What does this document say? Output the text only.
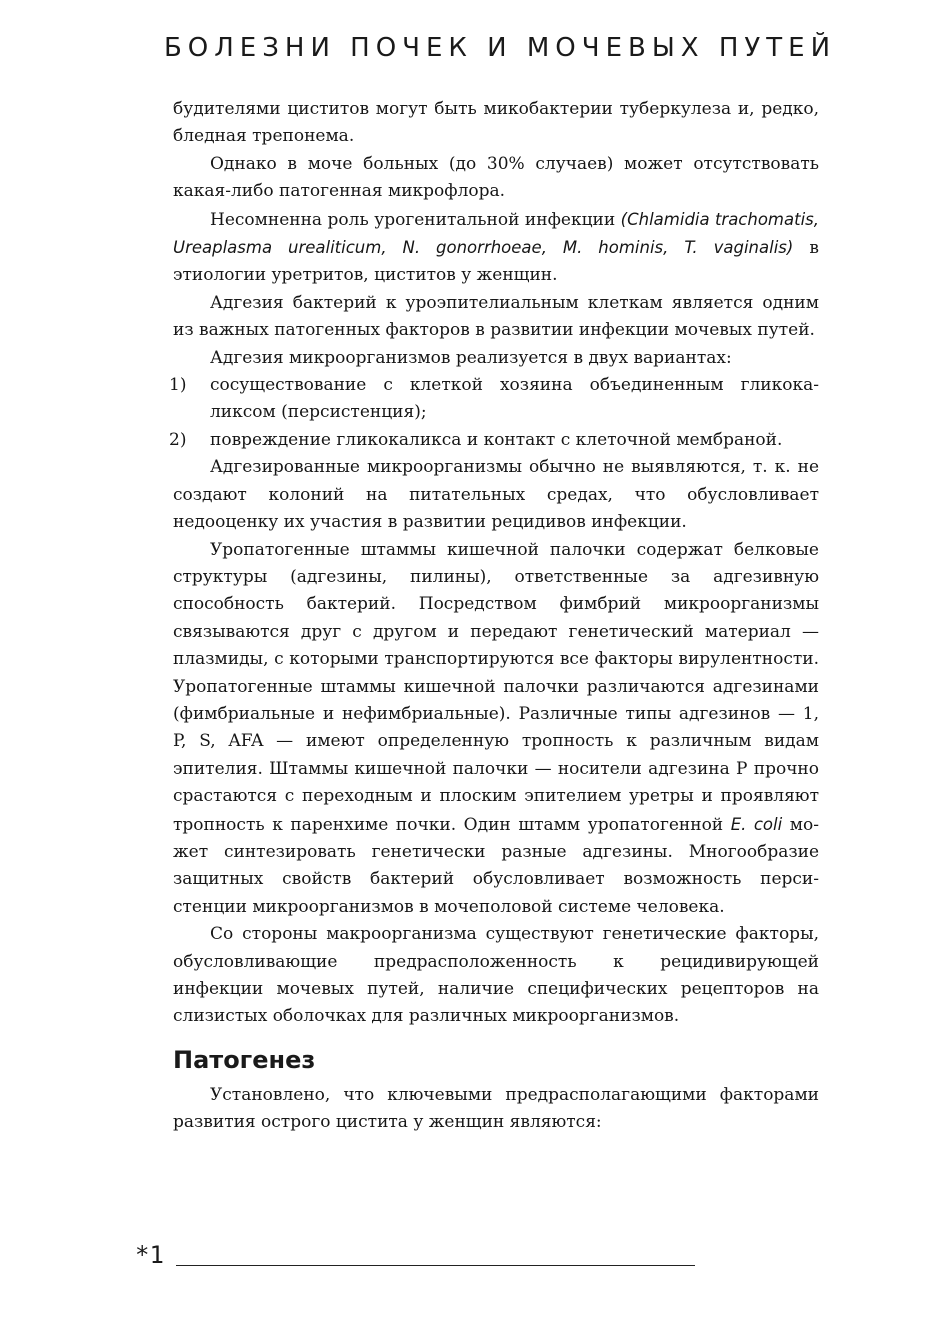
БОЛЕЗНИ ПОЧЕК И МОЧЕВЫХ ПУТЕЙ

будителями циститов могут быть микобактерии туберкулеза и, редко, бледная трепонема.

Однако в моче больных (до 30% случаев) может отсутствовать какая-либо патогенная микрофлора.

Несомненна роль урогенитальной инфекции (Chlamidia trachomatis, Ureaplasma urealiticum, N. gonorrhoeae, M. hominis, T. vaginalis) в этиологии уретритов, циститов у женщин.

Адгезия бактерий к уроэпителиальным клеткам является одним из важных патогенных факторов в развитии инфекции мочевых путей.

Адгезия микроорганизмов реализуется в двух вариантах:

1) сосуществование с клеткой хозяина объединенным гликокаликсом (персистенция);

2) повреждение гликокаликса и контакт с клеточной мембраной.

Адгезированные микроорганизмы обычно не выявляются, т. к. не создают колоний на питательных средах, что обусловливает недооценку их участия в развитии рецидивов инфекции.

Уропатогенные штаммы кишечной палочки содержат белковые структуры (адгезины, пилины), ответственные за адгезивную способность бактерий. Посредством фимбрий микроорганизмы связываются друг с другом и передают генетический материал — плазмиды, с которыми транспортируются все факторы вирулентности. Уропатогенные штаммы кишечной палочки различаются адгезинами (фимбриальные и нефимбриальные). Различные типы адгезинов — 1, P, S, AFA — имеют определенную тропность к различным видам эпителия. Штаммы кишечной палочки — носители адгезина P прочно срастаются с переходным и плоским эпителием уретры и проявляют тропность к паренхиме почки. Один штамм уропатогенной E. coli может синтезировать генетически разные адгезины. Многообразие защитных свойств бактерий обусловливает возможность персистенции микроорганизмов в мочеполовой системе человека.

Со стороны макроорганизма существуют генетические факторы, обусловливающие предрасположенность к рецидивирующей инфекции мочевых путей, наличие специфических рецепторов на слизистых оболочках для различных микроорганизмов.

Патогенез

Установлено, что ключевыми предрасполагающими факторами развития острого цистита у женщин являются:

*1
